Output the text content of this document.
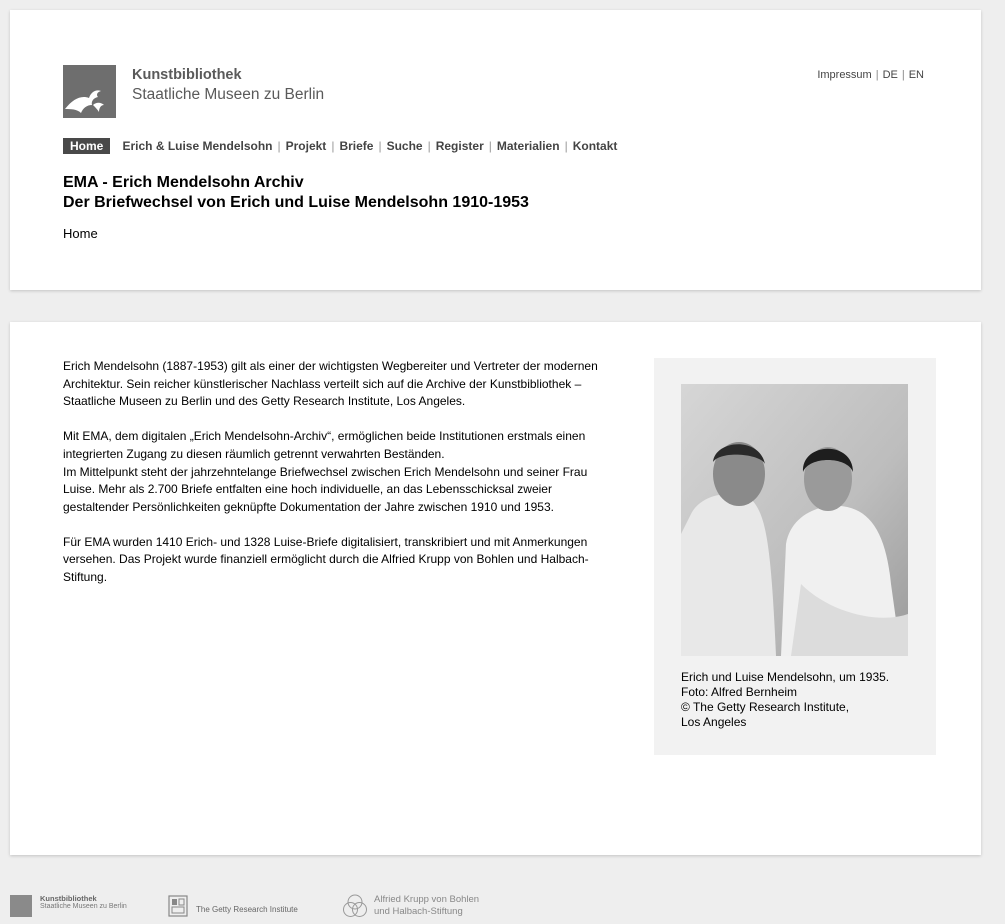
Kunstbibliothek
Staatliche Museen zu Berlin
Impressum | DE | EN
Home Erich & Luise Mendelsohn | Projekt | Briefe | Suche | Register | Materialien | Kontakt
EMA - Erich Mendelsohn Archiv
Der Briefwechsel von Erich und Luise Mendelsohn 1910-1953
Home

Erich Mendelsohn (1887-1953) gilt als einer der wichtigsten Wegbereiter und Vertreter der modernen Architektur. Sein reicher künstlerischer Nachlass verteilt sich auf die Archive der Kunstbibliothek – Staatliche Museen zu Berlin und des Getty Research Institute, Los Angeles.

Mit EMA, dem digitalen „Erich Mendelsohn-Archiv“, ermöglichen beide Institutionen erstmals einen integrierten Zugang zu diesen räumlich getrennt verwahrten Beständen.
Im Mittelpunkt steht der jahrzehntelange Briefwechsel zwischen Erich Mendelsohn und seiner Frau Luise. Mehr als 2.700 Briefe entfalten eine hoch individuelle, an das Lebensschicksal zweier gestaltender Persönlichkeiten geknüpfte Dokumentation der Jahre zwischen 1910 und 1953.

Für EMA wurden 1410 Erich- und 1328 Luise-Briefe digitalisiert, transkribiert und mit Anmerkungen versehen. Das Projekt wurde finanziell ermöglicht durch die Alfried Krupp von Bohlen und Halbach-Stiftung.

Erich und Luise Mendelsohn, um 1935.
Foto: Alfred Bernheim
© The Getty Research Institute,
Los Angeles
Kunstbibliothek
Staatliche Museen zu Berlin	The Getty Research Institute
Alfried Krupp von Bohlen
und Halbach-Stiftung
